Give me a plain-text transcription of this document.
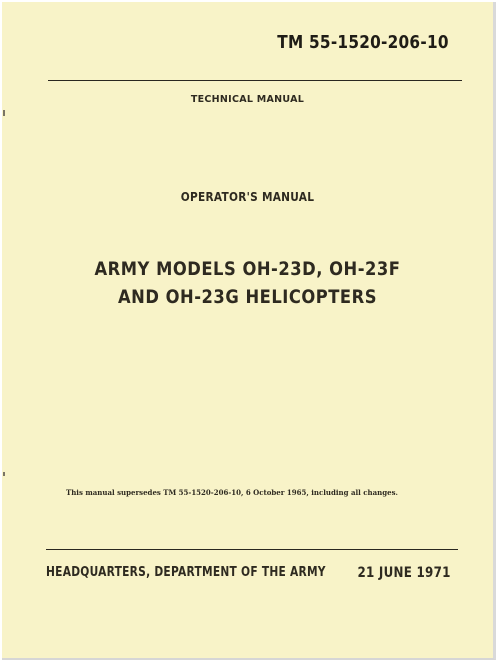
TM 55-1520-206-10
TECHNICAL MANUAL
OPERATOR'S MANUAL
ARMY MODELS OH-23D, OH-23F
AND OH-23G HELICOPTERS
This manual supersedes TM 55-1520-206-10, 6 October 1965, including all changes.
HEADQUARTERS, DEPARTMENT OF THE ARMY 21 JUNE 1971
